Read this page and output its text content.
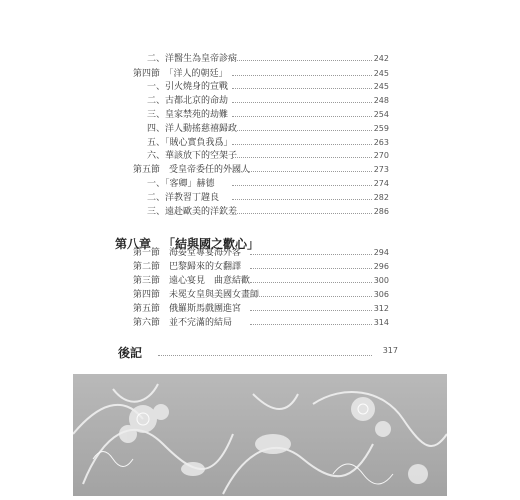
二、洋醫生為皇帝診病	242
第四節　「洋人的朝廷」	245
一、引火燒身的宣戰	245
二、古都北京的命劫	248
三、皇家禁苑的劫難	254
四、洋人動搖慈禧歸政	259
五、「賊心實負我爲」	263
六、華該放下的空架子	270
第五節　受皇帝委任的外國人	273
一、「客卿」赫德	274
二、洋教習丁韙良	282
三、遠赴歐美的洋欽差	286
第一節　海晏堂專宴海外客	294
第二節　巴黎歸來的女翻譯	296
第三節　遠心宴見　曲意結歡	300
第四節　未冕女皇與美國女畫師	306
第五節　俄羅斯馬戲團進宮	312
第六節　並不完滿的結局	314
第八章 「結與國之歡心」
後記	317
